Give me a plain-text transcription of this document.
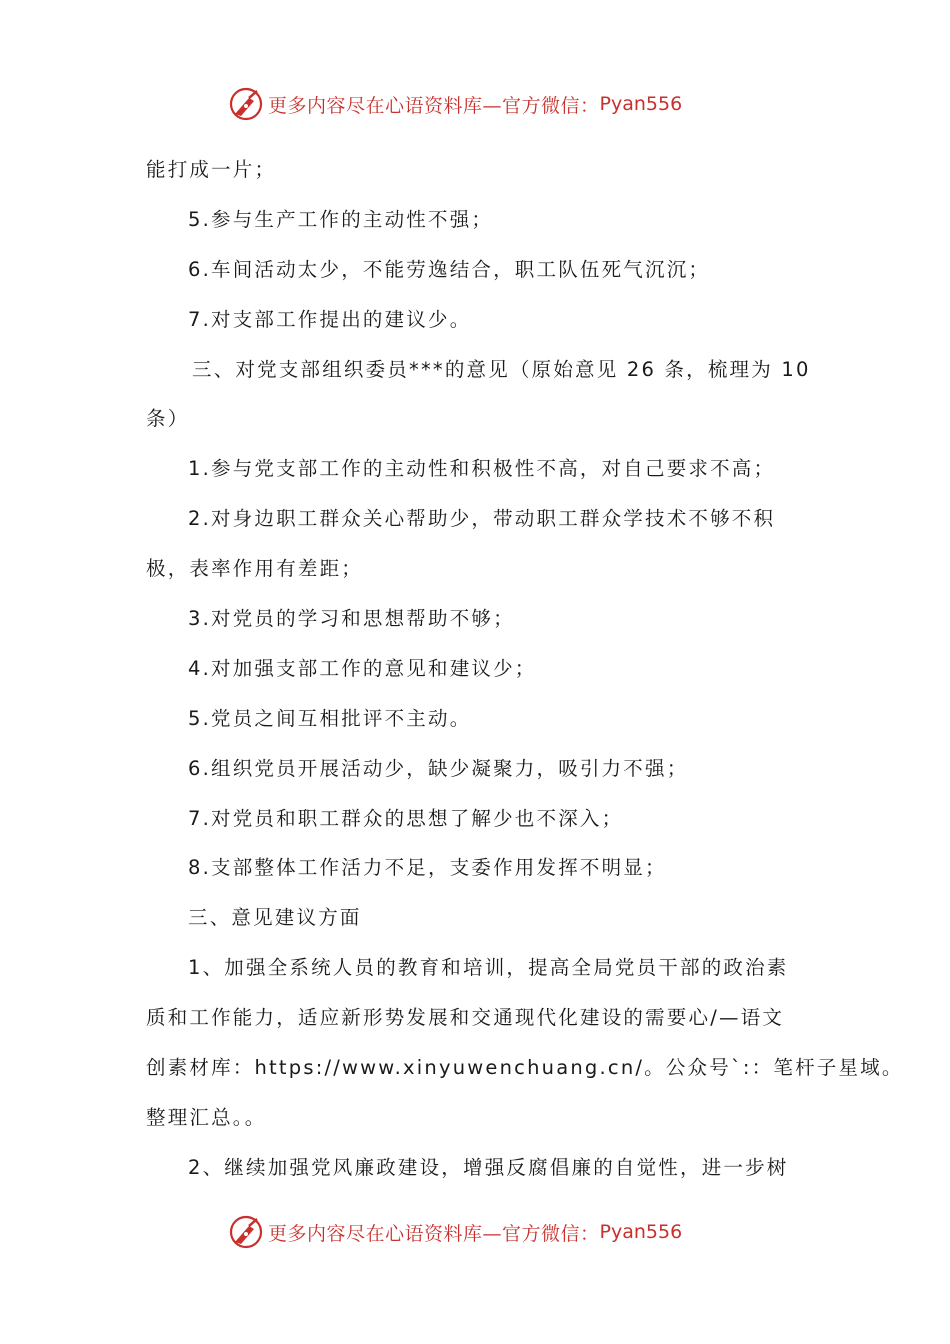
更多内容尽在心语资料库—官方微信： Pyan556
能打成一片；
5.参与生产工作的主动性不强；
6.车间活动太少，不能劳逸结合，职工队伍死气沉沉；
7.对支部工作提出的建议少。
三、对党支部组织委员***的意见（原始意见 26 条，梳理为 10
条）
1.参与党支部工作的主动性和积极性不高，对自己要求不高；
2.对身边职工群众关心帮助少，带动职工群众学技术不够不积
极，表率作用有差距；
3.对党员的学习和思想帮助不够；
4.对加强支部工作的意见和建议少；
5.党员之间互相批评不主动。
6.组织党员开展活动少，缺少凝聚力，吸引力不强；
7.对党员和职工群众的思想了解少也不深入；
8.支部整体工作活力不足，支委作用发挥不明显；
三、意见建议方面
1、加强全系统人员的教育和培训，提高全局党员干部的政治素
质和工作能力，适应新形势发展和交通现代化建设的需要心/—语文
创素材库：https://www.xinyuwenchuang.cn/。公众号`:：笔杆子星域。
整理汇总。。
2、继续加强党风廉政建设，增强反腐倡廉的自觉性，进一步树
更多内容尽在心语资料库—官方微信： Pyan556
